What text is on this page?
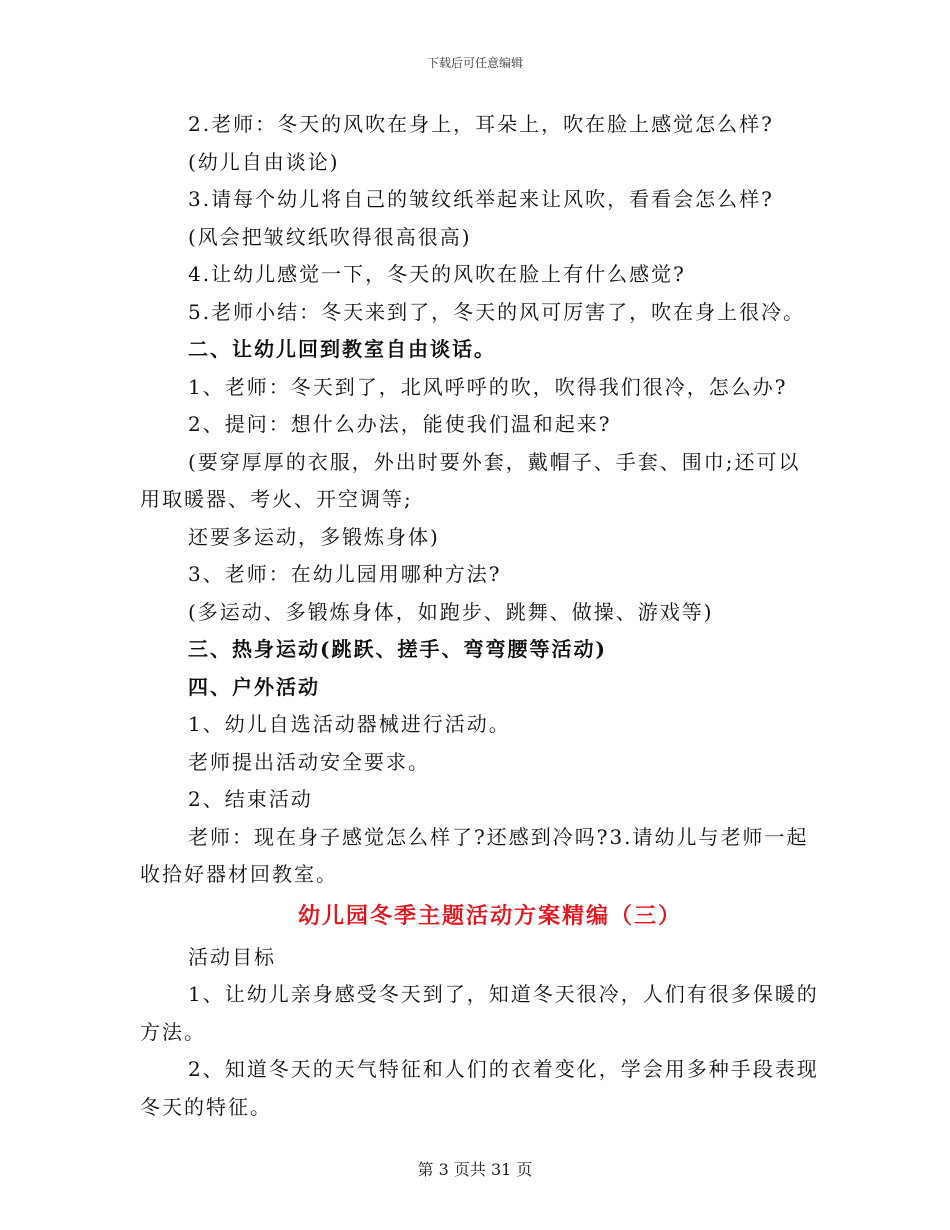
下载后可任意编辑
2.老师：冬天的风吹在身上，耳朵上，吹在脸上感觉怎么样?
(幼儿自由谈论)
3.请每个幼儿将自己的皱纹纸举起来让风吹，看看会怎么样?
(风会把皱纹纸吹得很高很高)
4.让幼儿感觉一下，冬天的风吹在脸上有什么感觉?
5.老师小结：冬天来到了，冬天的风可厉害了，吹在身上很冷。
二、让幼儿回到教室自由谈话。
1、老师：冬天到了，北风呼呼的吹，吹得我们很冷，怎么办?
2、提问：想什么办法，能使我们温和起来?
(要穿厚厚的衣服，外出时要外套，戴帽子、手套、围巾;还可以
用取暖器、考火、开空调等;
还要多运动，多锻炼身体)
3、老师：在幼儿园用哪种方法?
(多运动、多锻炼身体，如跑步、跳舞、做操、游戏等)
三、热身运动(跳跃、搓手、弯弯腰等活动)
四、户外活动
1、幼儿自选活动器械进行活动。
老师提出活动安全要求。
2、结束活动
老师：现在身子感觉怎么样了?还感到冷吗?3.请幼儿与老师一起
收拾好器材回教室。
幼儿园冬季主题活动方案精编（三）
活动目标
1、让幼儿亲身感受冬天到了，知道冬天很冷，人们有很多保暖的
方法。
2、知道冬天的天气特征和人们的衣着变化，学会用多种手段表现
冬天的特征。
第 3 页共 31 页
